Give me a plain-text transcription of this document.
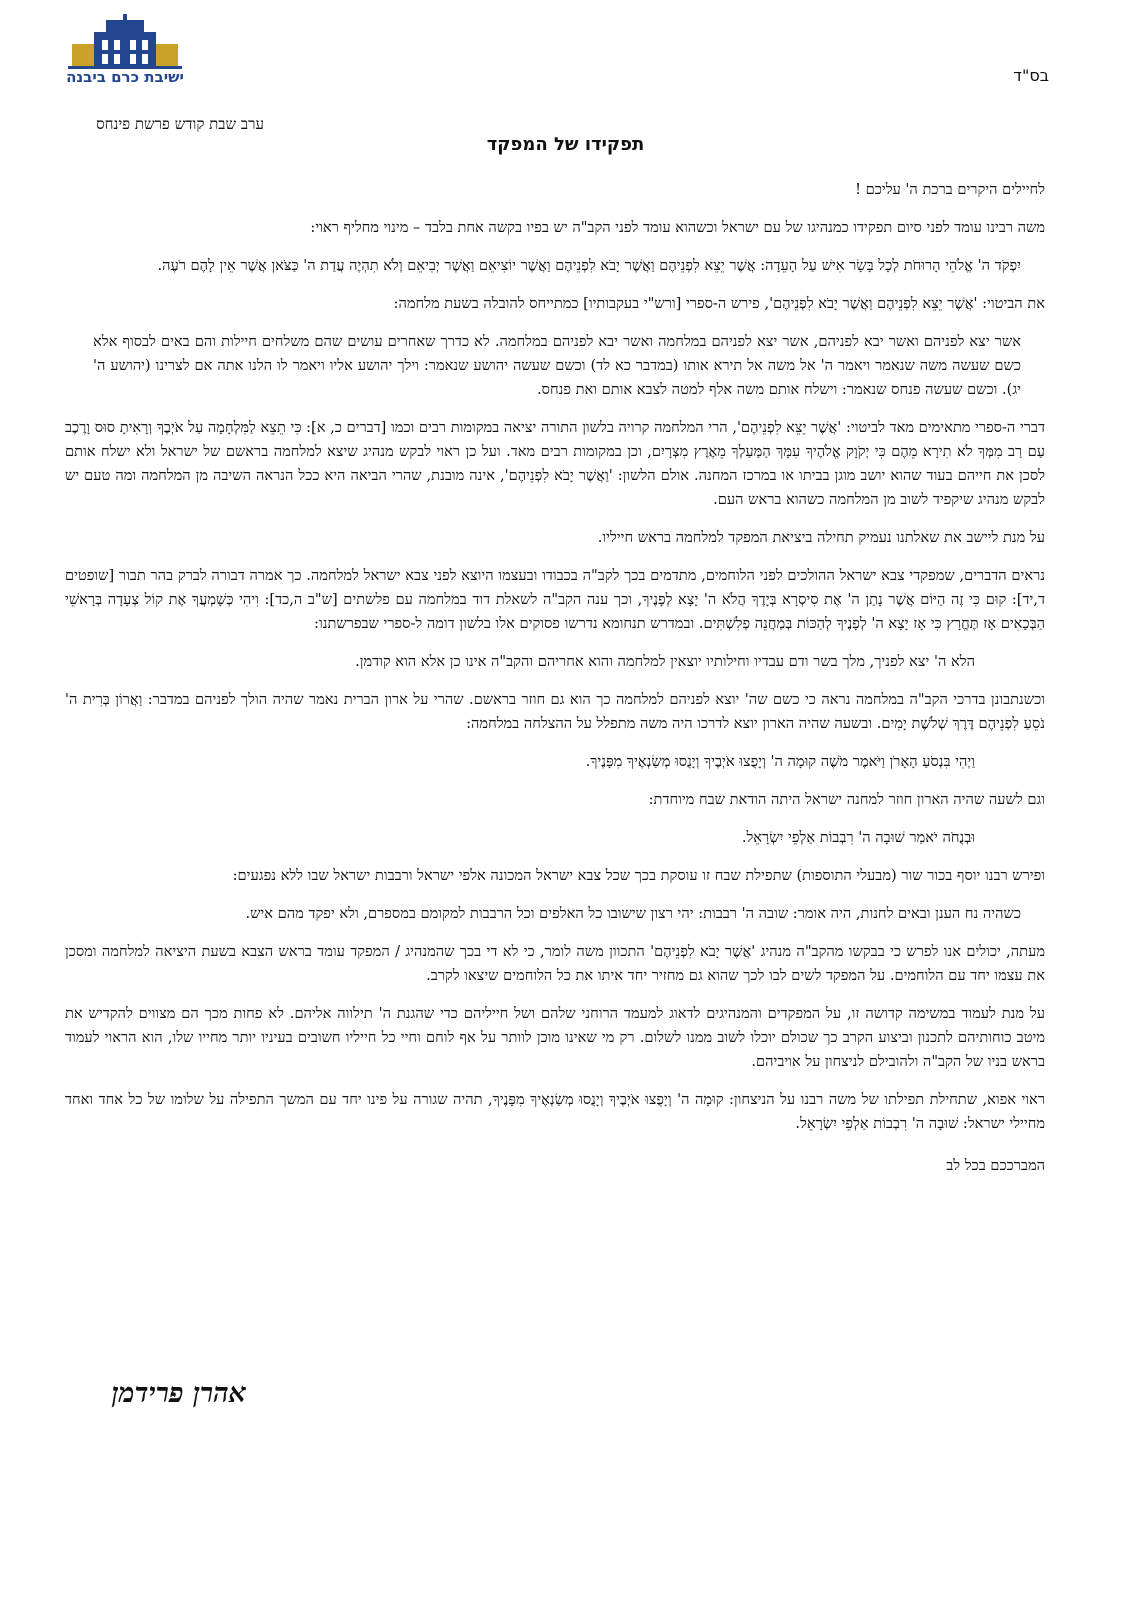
ישיבת כרם ביבנה	בס"ד
ערב שבת קודש פרשת פינחס
תפקידו של המפקד

לחיילים היקרים ברכת ה' עליכם !

משה רבינו עומד לפני סיום תפקידו כמנהיגו של עם ישראל וכשהוא עומד לפני הקב"ה יש בפיו בקשה אחת בלבד – מינוי מחליף ראוי:

יִפְקֹד ה' אֱלֹהֵי הָרוּחֹת לְכָל בָּשָׂר אִישׁ עַל הָעֵדָה: אֲשֶׁר יֵצֵא לִפְנֵיהֶם וַאֲשֶׁר יָבֹא לִפְנֵיהֶם וַאֲשֶׁר יוֹצִיאֵם וַאֲשֶׁר יְבִיאֵם וְלֹא תִהְיֶה עֲדַת ה' כַּצֹּאן אֲשֶׁר אֵין לָהֶם רֹעֶה.

את הביטוי: 'אֲשֶׁר יֵצֵא לִפְנֵיהֶם וַאֲשֶׁר יָבֹא לִפְנֵיהֶם', פירש ה-ספרי [ורש"י בעקבותיו] כמתייחס להובלה בשעת מלחמה:

אשר יצא לפניהם ואשר יבא לפניהם, אשר יצא לפניהם במלחמה ואשר יבא לפניהם במלחמה. לא כדרך שאחרים עושים שהם משלחים חיילות והם באים לבסוף אלא כשם שעשה משה שנאמר ויאמר ה' אל משה אל תירא אותו (במדבר כא לד) וכשם שעשה יהושע שנאמר: וילך יהושע אליו ויאמר לו הלנו אתה אם לצרינו (יהושע ה' יג). וכשם שעשה פנחס שנאמר: וישלח אותם משה אלף למטה לצבא אותם ואת פנחס.

דברי ה-ספרי מתאימים מאד לביטוי: 'אֲשֶׁר יֵצֵא לִפְנֵיהֶם', הרי המלחמה קרויה בלשון התורה יציאה במקומות רבים וכמו [דברים כ, א]: כִּי תֵצֵא לַמִּלְחָמָה עַל אֹיְבֶךָ וְרָאִיתָ סוּס וָרֶכֶב עַם רַב מִמְּךָ לֹא תִירָא מֵהֶם כִּי יְקֹוָק אֱלֹהֶיךָ עִמָּךְ הַמַּעַלְךָ מֵאֶרֶץ מִצְרָיִם, וכן במקומות רבים מאד. ועל כן ראוי לבקש מנהיג שיצא למלחמה בראשם של ישראל ולא ישלח אותם לסכן את חייהם בעוד שהוא יושב מוגן בביתו או במרכז המחנה. אולם הלשון: 'וַאֲשֶׁר יָבֹא לִפְנֵיהֶם', אינה מובנת, שהרי הביאה היא ככל הנראה השיבה מן המלחמה ומה טעם יש לבקש מנהיג שיקפיד לשוב מן המלחמה כשהוא בראש העם.

על מנת ליישב את שאלתנו נעמיק תחילה ביציאת המפקד למלחמה בראש חייליו.

נראים הדברים, שמפקדי צבא ישראל ההולכים לפני הלוחמים, מתדמים בכך לקב"ה בכבודו ובעצמו היוצא לפני צבא ישראל למלחמה. כך אמרה דבורה לברק בהר תבור [שופטים ד,יד]: קוּם כִּי זֶה הַיּוֹם אֲשֶׁר נָתַן ה' אֶת סִיסְרָא בְּיָדֶךָ הֲלֹא ה' יָצָא לְפָנֶיךָ, וכך ענה הקב"ה לשאלת דוד במלחמה עם פלשתים [ש"ב ה,כד]: וִיהִי כְּשָׁמְעֲךָ אֶת קוֹל צְעָדָה בְּרָאשֵׁי הַבְּכָאִים אָז תֶּחֱרָץ כִּי אָז יָצָא ה' לְפָנֶיךָ לְהַכּוֹת בְּמַחֲנֵה פְלִשְׁתִּים. ובמדרש תנחומא נדרשו פסוקים אלו בלשון דומה ל-ספרי שבפרשתנו:

הלא ה' יצא לפניך, מלך בשר ודם עבדיו וחילותיו יוצאין למלחמה והוא אחריהם והקב"ה אינו כן אלא הוא קודמן.

וכשנתבונן בדרכי הקב"ה במלחמה נראה כי כשם שה' יוצא לפניהם למלחמה כך הוא גם חוזר בראשם. שהרי על ארון הברית נאמר שהיה הולך לפניהם במדבר: וַאֲרוֹן בְּרִית ה' נֹסֵעַ לִפְנֵיהֶם דֶּרֶךְ שְׁלֹשֶׁת יָמִים. ובשעה שהיה הארון יוצא לדרכו היה משה מתפלל על ההצלחה במלחמה:

וַיְהִי בִּנְסֹעַ הָאָרֹן וַיֹּאמֶר מֹשֶׁה קוּמָה ה' וְיָפֻצוּ אֹיְבֶיךָ וְיָנֻסוּ מְשַׂנְאֶיךָ מִפָּנֶיךָ.

וגם לשעה שהיה הארון חוזר למחנה ישראל היתה הודאת שבח מיוחדת:

וּבְנֻחֹה יֹאמַר שׁוּבָה ה' רִבְבוֹת אַלְפֵי יִשְׂרָאֵל.

ופירש רבנו יוסף בכור שור (מבעלי התוספות) שתפילת שבח זו עוסקת בכך שכל צבא ישראל המכונה אלפי ישראל ורבבות ישראל שבו ללא נפגעים:

כשהיה נח הענן ובאים לחנות, היה אומר: שובה ה' רבבות: יהי רצון שישובו כל האלפים וכל הרבבות למקומם במספרם, ולא יפקד מהם איש.

מעתה, יכולים אנו לפרש כי בבקשו מהקב"ה מנהיג 'אֲשֶׁר יָבֹא לִפְנֵיהֶם' התכוון משה לומר, כי לא די בכך שהמנהיג / המפקד עומד בראש הצבא בשעת היציאה למלחמה ומסכן את עצמו יחד עם הלוחמים. על המפקד לשים לבו לכך שהוא גם מחזיר יחד איתו את כל הלוחמים שיצאו לקרב.

על מנת לעמוד במשימה קדושה זו, על המפקדים והמנהיגים לדאוג למעמד הרוחני שלהם ושל חייליהם כדי שהגנת ה' תילווה אליהם. לא פחות מכך הם מצווים להקדיש את מיטב כוחותיהם לתכנון וביצוע הקרב כך שכולם יוכלו לשוב ממנו לשלום. רק מי שאינו מוכן לוותר על אף לוחם וחיי כל חייליו חשובים בעיניו יותר מחייו שלו, הוא הראוי לעמוד בראש בניו של הקב"ה ולהובילם לניצחון על אויביהם.

ראוי אפוא, שתחילת תפילתו של משה רבנו על הניצחון: קוּמָה ה' וְיָפֻצוּ אֹיְבֶיךָ וְיָנֻסוּ מְשַׂנְאֶיךָ מִפָּנֶיךָ, תהיה שגורה על פינו יחד עם המשך התפילה על שלומו של כל אחד ואחד מחיילי ישראל: שׁוּבָה ה' רִבְבוֹת אַלְפֵי יִשְׂרָאֵל.

המברככם בכל לב

אהרן פרידמן
